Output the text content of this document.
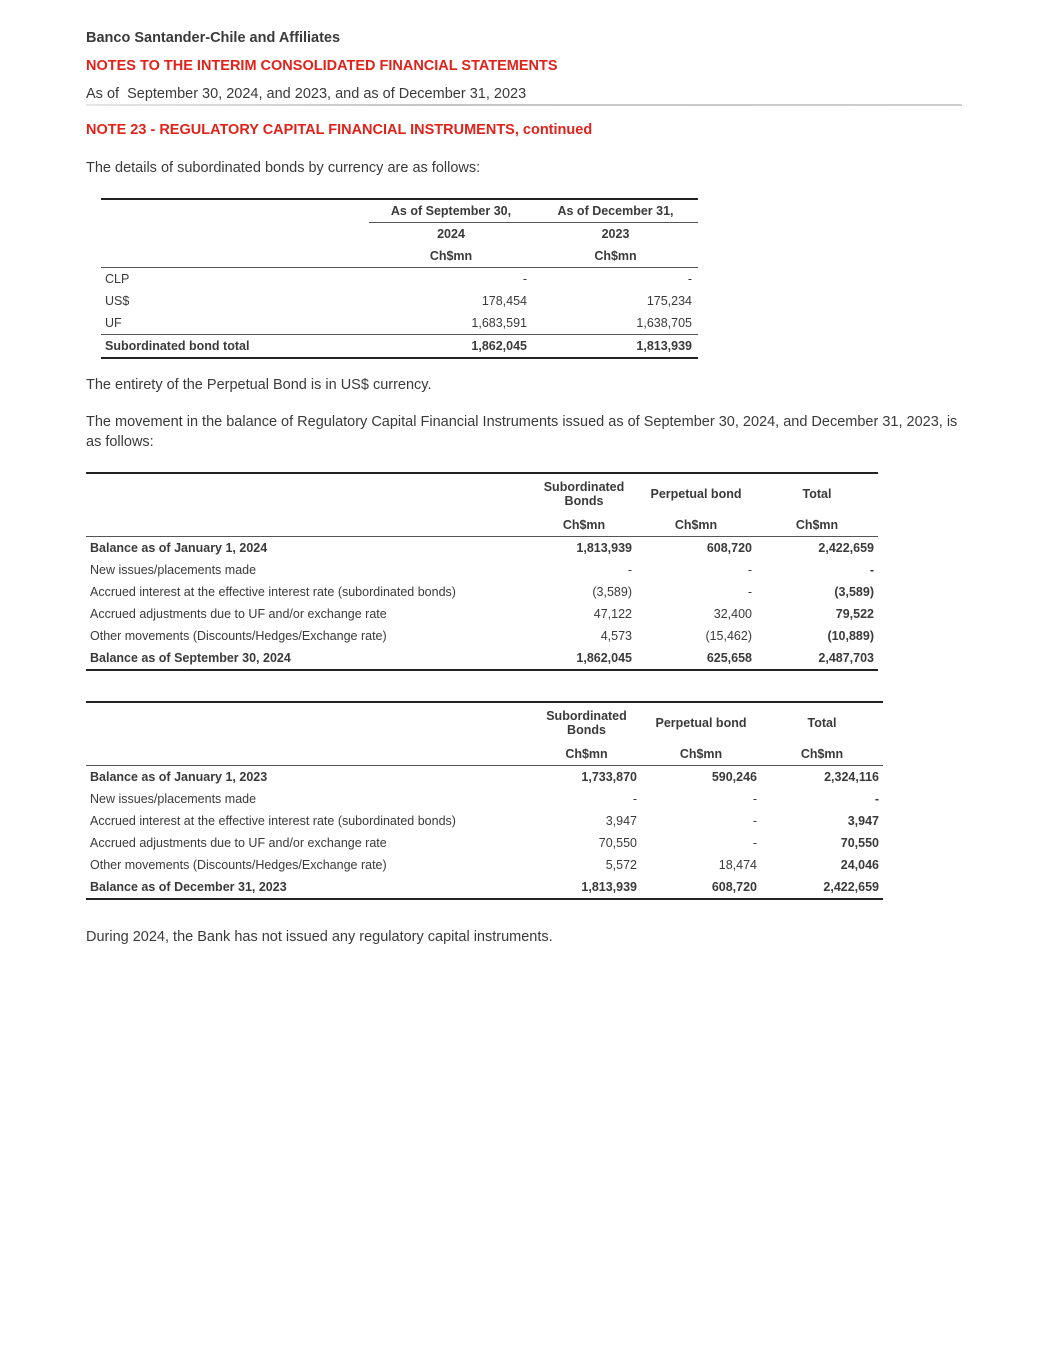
Banco Santander-Chile and Affiliates
NOTES TO THE INTERIM CONSOLIDATED FINANCIAL STATEMENTS
As of  September 30, 2024, and 2023, and as of December 31, 2023
NOTE 23 - REGULATORY CAPITAL FINANCIAL INSTRUMENTS, continued
The details of subordinated bonds by currency are as follows:
	As of September 30,	As of December 31,
	2024	2023
	Ch$mn	Ch$mn
CLP	-	-
US$	178,454	175,234
UF	1,683,591	1,638,705
Subordinated bond total	1,862,045	1,813,939
The entirety of the Perpetual Bond is in US$ currency.
The movement in the balance of Regulatory Capital Financial Instruments issued as of September 30, 2024, and December 31, 2023, is as follows:
	Subordinated Bonds	Perpetual bond	Total
	Ch$mn	Ch$mn	Ch$mn
Balance as of January 1, 2024	1,813,939	608,720	2,422,659
New issues/placements made	-	-	-
Accrued interest at the effective interest rate (subordinated bonds)	(3,589)	-	(3,589)
Accrued adjustments due to UF and/or exchange rate	47,122	32,400	79,522
Other movements (Discounts/Hedges/Exchange rate)	4,573	(15,462)	(10,889)
Balance as of September 30, 2024	1,862,045	625,658	2,487,703
	Subordinated Bonds	Perpetual bond	Total
	Ch$mn	Ch$mn	Ch$mn
Balance as of January 1, 2023	1,733,870	590,246	2,324,116
New issues/placements made	-	-	-
Accrued interest at the effective interest rate (subordinated bonds)	3,947	-	3,947
Accrued adjustments due to UF and/or exchange rate	70,550	-	70,550
Other movements (Discounts/Hedges/Exchange rate)	5,572	18,474	24,046
Balance as of December 31, 2023	1,813,939	608,720	2,422,659
During 2024, the Bank has not issued any regulatory capital instruments.
